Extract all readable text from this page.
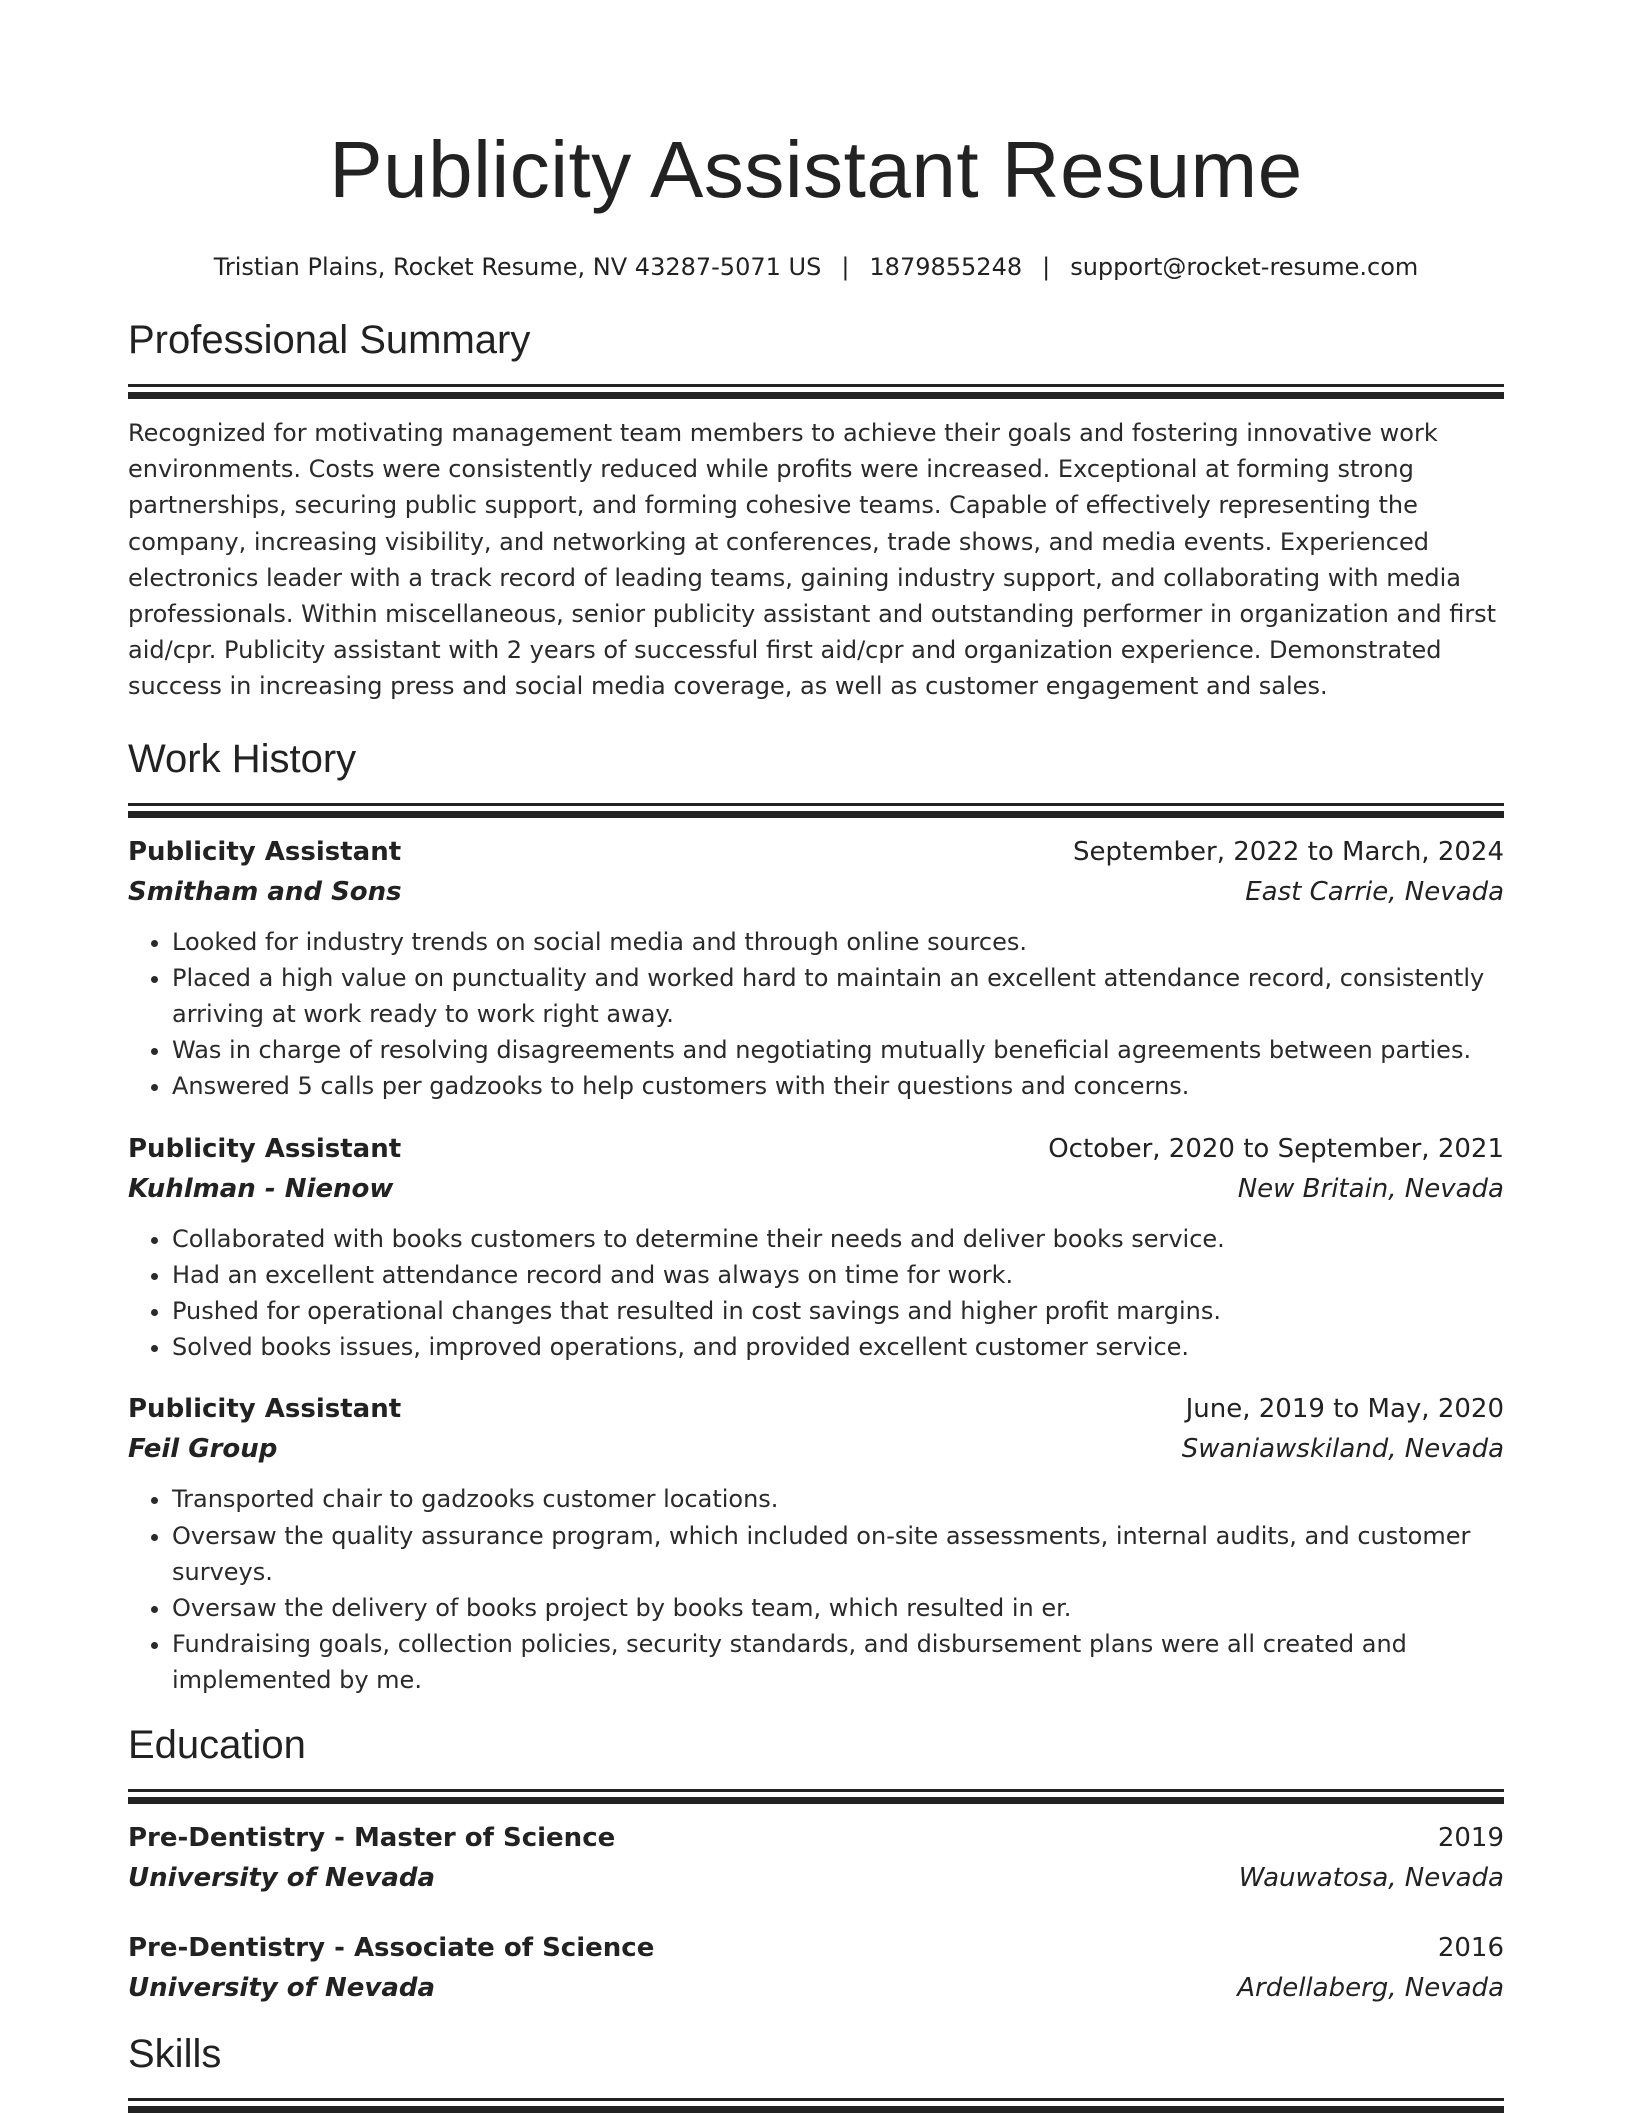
Publicity Assistant Resume
Tristian Plains, Rocket Resume, NV 43287-5071 US | 1879855248 | support@rocket-resume.com
Professional Summary
Recognized for motivating management team members to achieve their goals and fostering innovative work environments. Costs were consistently reduced while profits were increased. Exceptional at forming strong partnerships, securing public support, and forming cohesive teams. Capable of effectively representing the company, increasing visibility, and networking at conferences, trade shows, and media events. Experienced electronics leader with a track record of leading teams, gaining industry support, and collaborating with media professionals. Within miscellaneous, senior publicity assistant and outstanding performer in organization and first aid/cpr. Publicity assistant with 2 years of successful first aid/cpr and organization experience. Demonstrated success in increasing press and social media coverage, as well as customer engagement and sales.
Work History
Publicity Assistant	September, 2022 to March, 2024
Smitham and Sons	East Carrie, Nevada
• Looked for industry trends on social media and through online sources.
• Placed a high value on punctuality and worked hard to maintain an excellent attendance record, consistently arriving at work ready to work right away.
• Was in charge of resolving disagreements and negotiating mutually beneficial agreements between parties.
• Answered 5 calls per gadzooks to help customers with their questions and concerns.
Publicity Assistant	October, 2020 to September, 2021
Kuhlman - Nienow	New Britain, Nevada
• Collaborated with books customers to determine their needs and deliver books service.
• Had an excellent attendance record and was always on time for work.
• Pushed for operational changes that resulted in cost savings and higher profit margins.
• Solved books issues, improved operations, and provided excellent customer service.
Publicity Assistant	June, 2019 to May, 2020
Feil Group	Swaniawskiland, Nevada
• Transported chair to gadzooks customer locations.
• Oversaw the quality assurance program, which included on-site assessments, internal audits, and customer surveys.
• Oversaw the delivery of books project by books team, which resulted in er.
• Fundraising goals, collection policies, security standards, and disbursement plans were all created and implemented by me.
Education
Pre-Dentistry - Master of Science	2019
University of Nevada	Wauwatosa, Nevada
Pre-Dentistry - Associate of Science	2016
University of Nevada	Ardellaberg, Nevada
Skills
